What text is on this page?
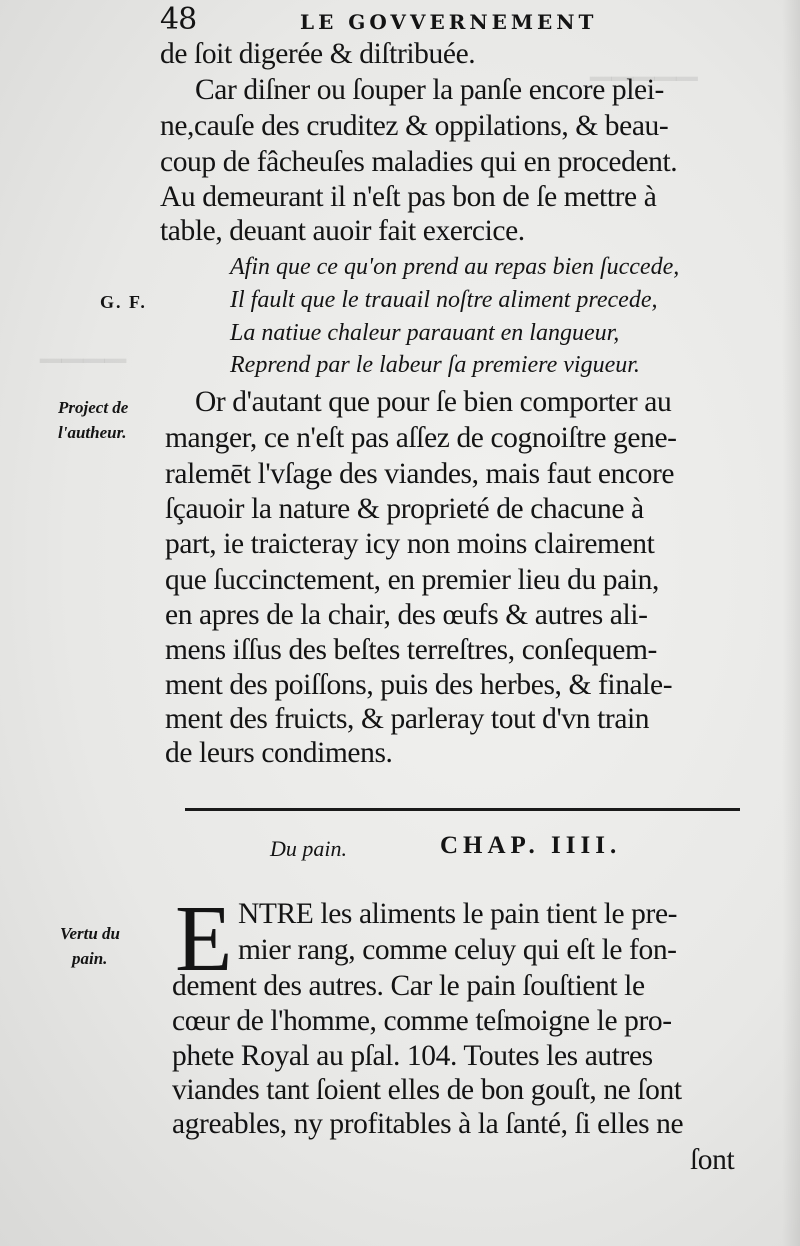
▁▁▁▁▁
▁▁▁▁
48	LE GOVVERNEMENT
de ſoit digerée & diſtribuée.
Car diſner ou ſouper la panſe encore plei-
ne,cauſe des cruditez & oppilations, & beau-
coup de fâcheuſes maladies qui en procedent.
Au demeurant il n'eſt pas bon de ſe mettre à
table, deuant auoir fait exercice.
Afin que ce qu'on prend au repas bien ſuccede,
Il fault que le trauail noſtre aliment precede,
La natiue chaleur parauant en langueur,
Reprend par le labeur ſa premiere vigueur.
G. F.
Project de
l'autheur.
Or d'autant que pour ſe bien comporter au
manger, ce n'eſt pas aſſez de cognoiſtre gene-
ralemēt l'vſage des viandes, mais faut encore
ſçauoir la nature & proprieté de chacune à
part, ie traicteray icy non moins clairement
que ſuccinctement, en premier lieu du pain,
en apres de la chair, des œufs & autres ali-
mens iſſus des beſtes terreſtres, conſequem-
ment des poiſſons, puis des herbes, & finale-
ment des fruicts, & parleray tout d'vn train
de leurs condimens.
Du pain.	CHAP. IIII.
Vertu du
pain. E NTRE les aliments le pain tient le pre-
mier rang, comme celuy qui eſt le fon-
dement des autres. Car le pain ſouſtient le
cœur de l'homme, comme teſmoigne le pro-
phete Royal au pſal. 104. Toutes les autres
viandes tant ſoient elles de bon gouſt, ne ſont
agreables, ny profitables à la ſanté, ſi elles ne
ſont
